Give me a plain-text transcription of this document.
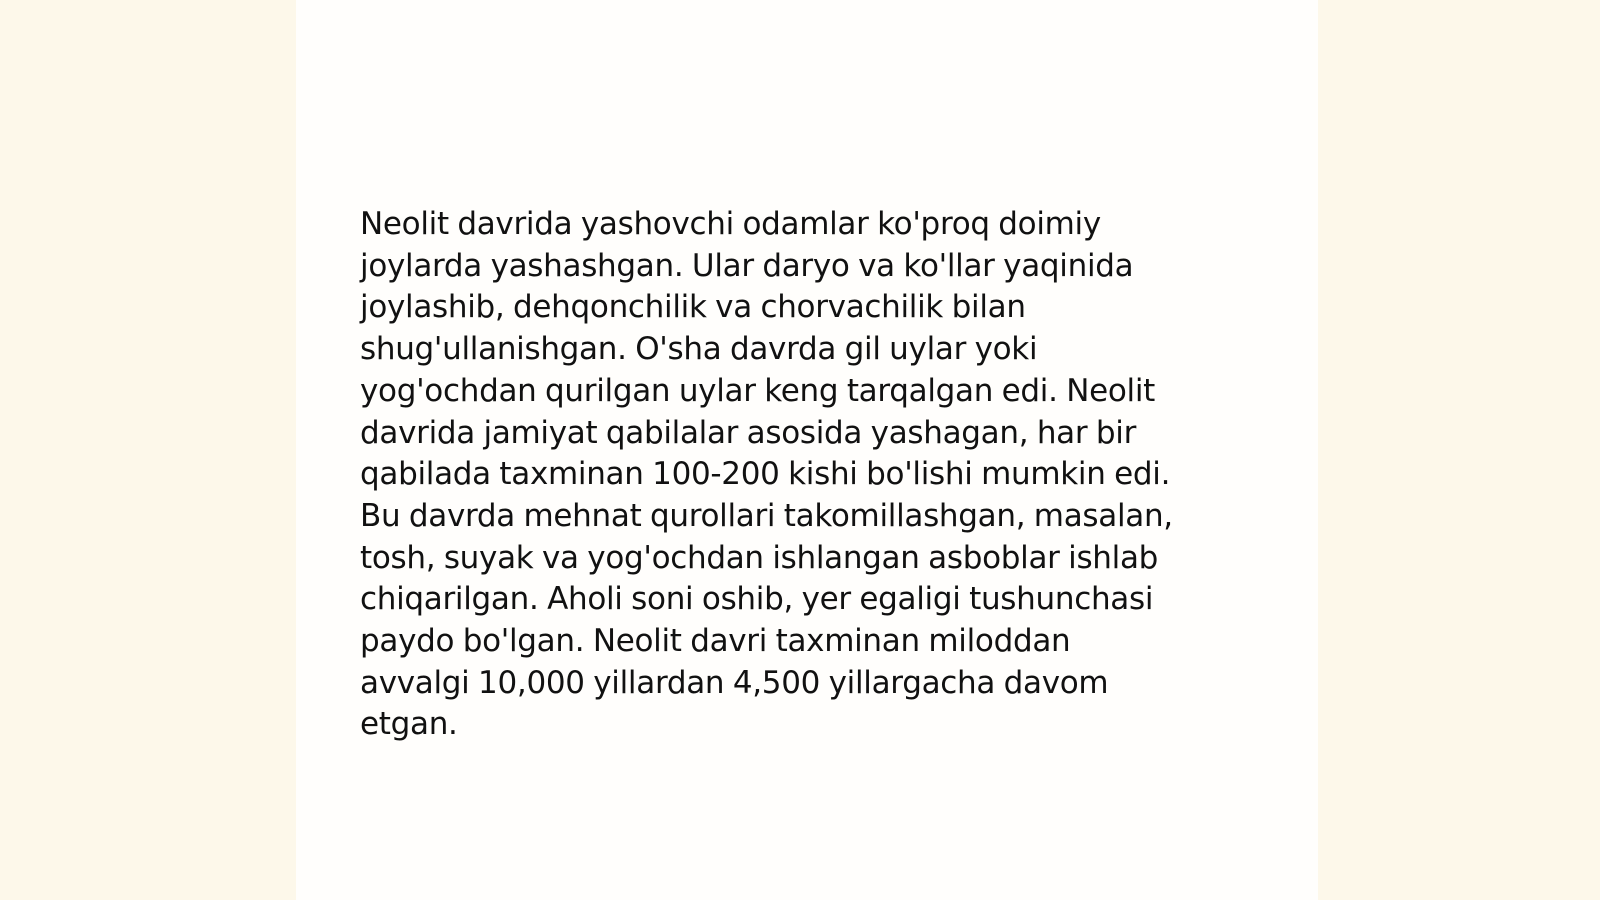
Neolit davrida yashovchi odamlar ko'proq doimiy
joylarda yashashgan. Ular daryo va ko'llar yaqinida
joylashib, dehqonchilik va chorvachilik bilan
shug'ullanishgan. O'sha davrda gil uylar yoki
yog'ochdan qurilgan uylar keng tarqalgan edi. Neolit
davrida jamiyat qabilalar asosida yashagan, har bir
qabilada taxminan 100-200 kishi bo'lishi mumkin edi.
Bu davrda mehnat qurollari takomillashgan, masalan,
tosh, suyak va yog'ochdan ishlangan asboblar ishlab
chiqarilgan. Aholi soni oshib, yer egaligi tushunchasi
paydo bo'lgan. Neolit davri taxminan miloddan
avvalgi 10,000 yillardan 4,500 yillargacha davom
etgan.
